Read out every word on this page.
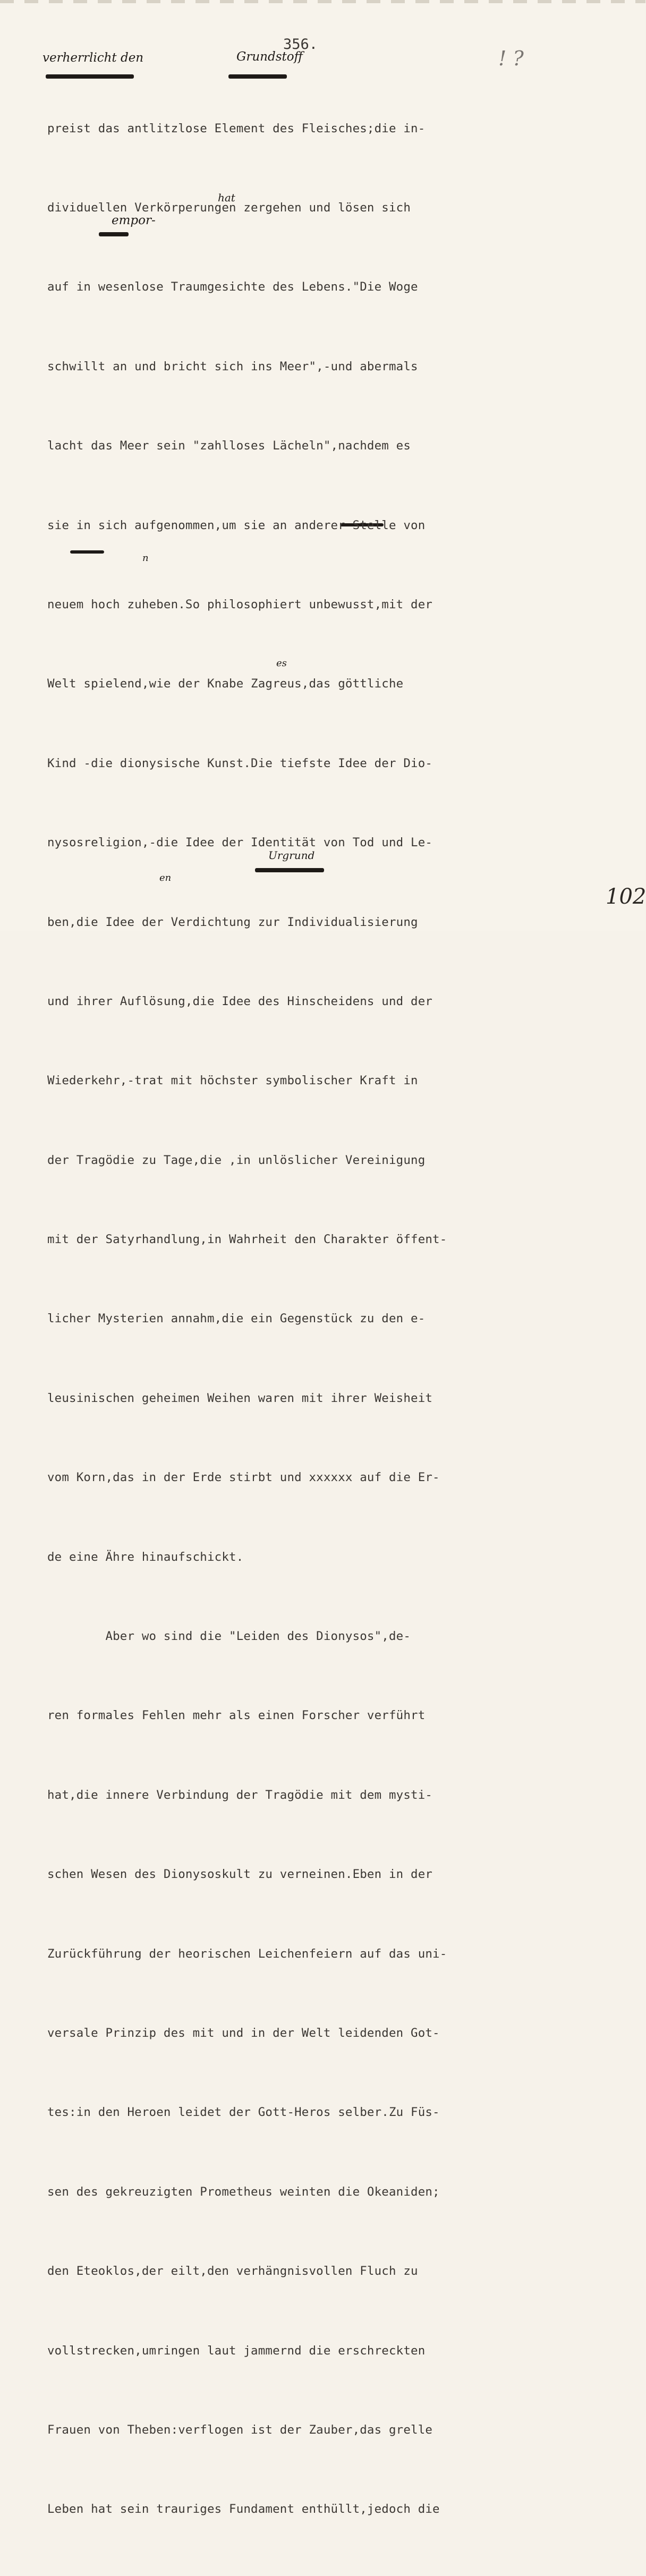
356.
! ?
verherrlicht den	Grundstoff
hat
empor-
es
n
en
Urgrund

preist das antlitzlose Element des Fleisches;die in-

dividuellen Verkörperungen zergehen und lösen sich

auf in wesenlose Traumgesichte des Lebens."Die Woge

schwillt an und bricht sich ins Meer",-und abermals

lacht das Meer sein "zahlloses Lächeln",nachdem es

sie in sich aufgenommen,um sie an anderer Stelle von

neuem hoch zuheben.So philosophiert unbewusst,mit der

Welt spielend,wie der Knabe Zagreus,das göttliche

Kind -die dionysische Kunst.Die tiefste Idee der Dio-

nysosreligion,-die Idee der Identität von Tod und Le-

ben,die Idee der Verdichtung zur Individualisierung

und ihrer Auflösung,die Idee des Hinscheidens und der

Wiederkehr,-trat mit höchster symbolischer Kraft in

der Tragödie zu Tage,die ,in unlöslicher Vereinigung

mit der Satyrhandlung,in Wahrheit den Charakter öffent-

licher Mysterien annahm,die ein Gegenstück zu den e-

leusinischen geheimen Weihen waren mit ihrer Weisheit

vom Korn,das in der Erde stirbt und xxxxxx auf die Er-

de eine Ähre hinaufschickt.

Aber wo sind die "Leiden des Dionysos",de-

ren formales Fehlen mehr als einen Forscher verführt

hat,die innere Verbindung der Tragödie mit dem mysti-

schen Wesen des Dionysoskult zu verneinen.Eben in der

Zurückführung der heorischen Leichenfeiern auf das uni-

versale Prinzip des mit und in der Welt leidenden Got-

tes:in den Heroen leidet der Gott-Heros selber.Zu Füs-

sen des gekreuzigten Prometheus weinten die Okeaniden;

den Eteoklos,der eilt,den verhängnisvollen Fluch zu

vollstrecken,umringen laut jammernd die erschreckten

Frauen von Theben:verflogen ist der Zauber,das grelle

Leben hat sein trauriges Fundament enthüllt,jedoch die

102
